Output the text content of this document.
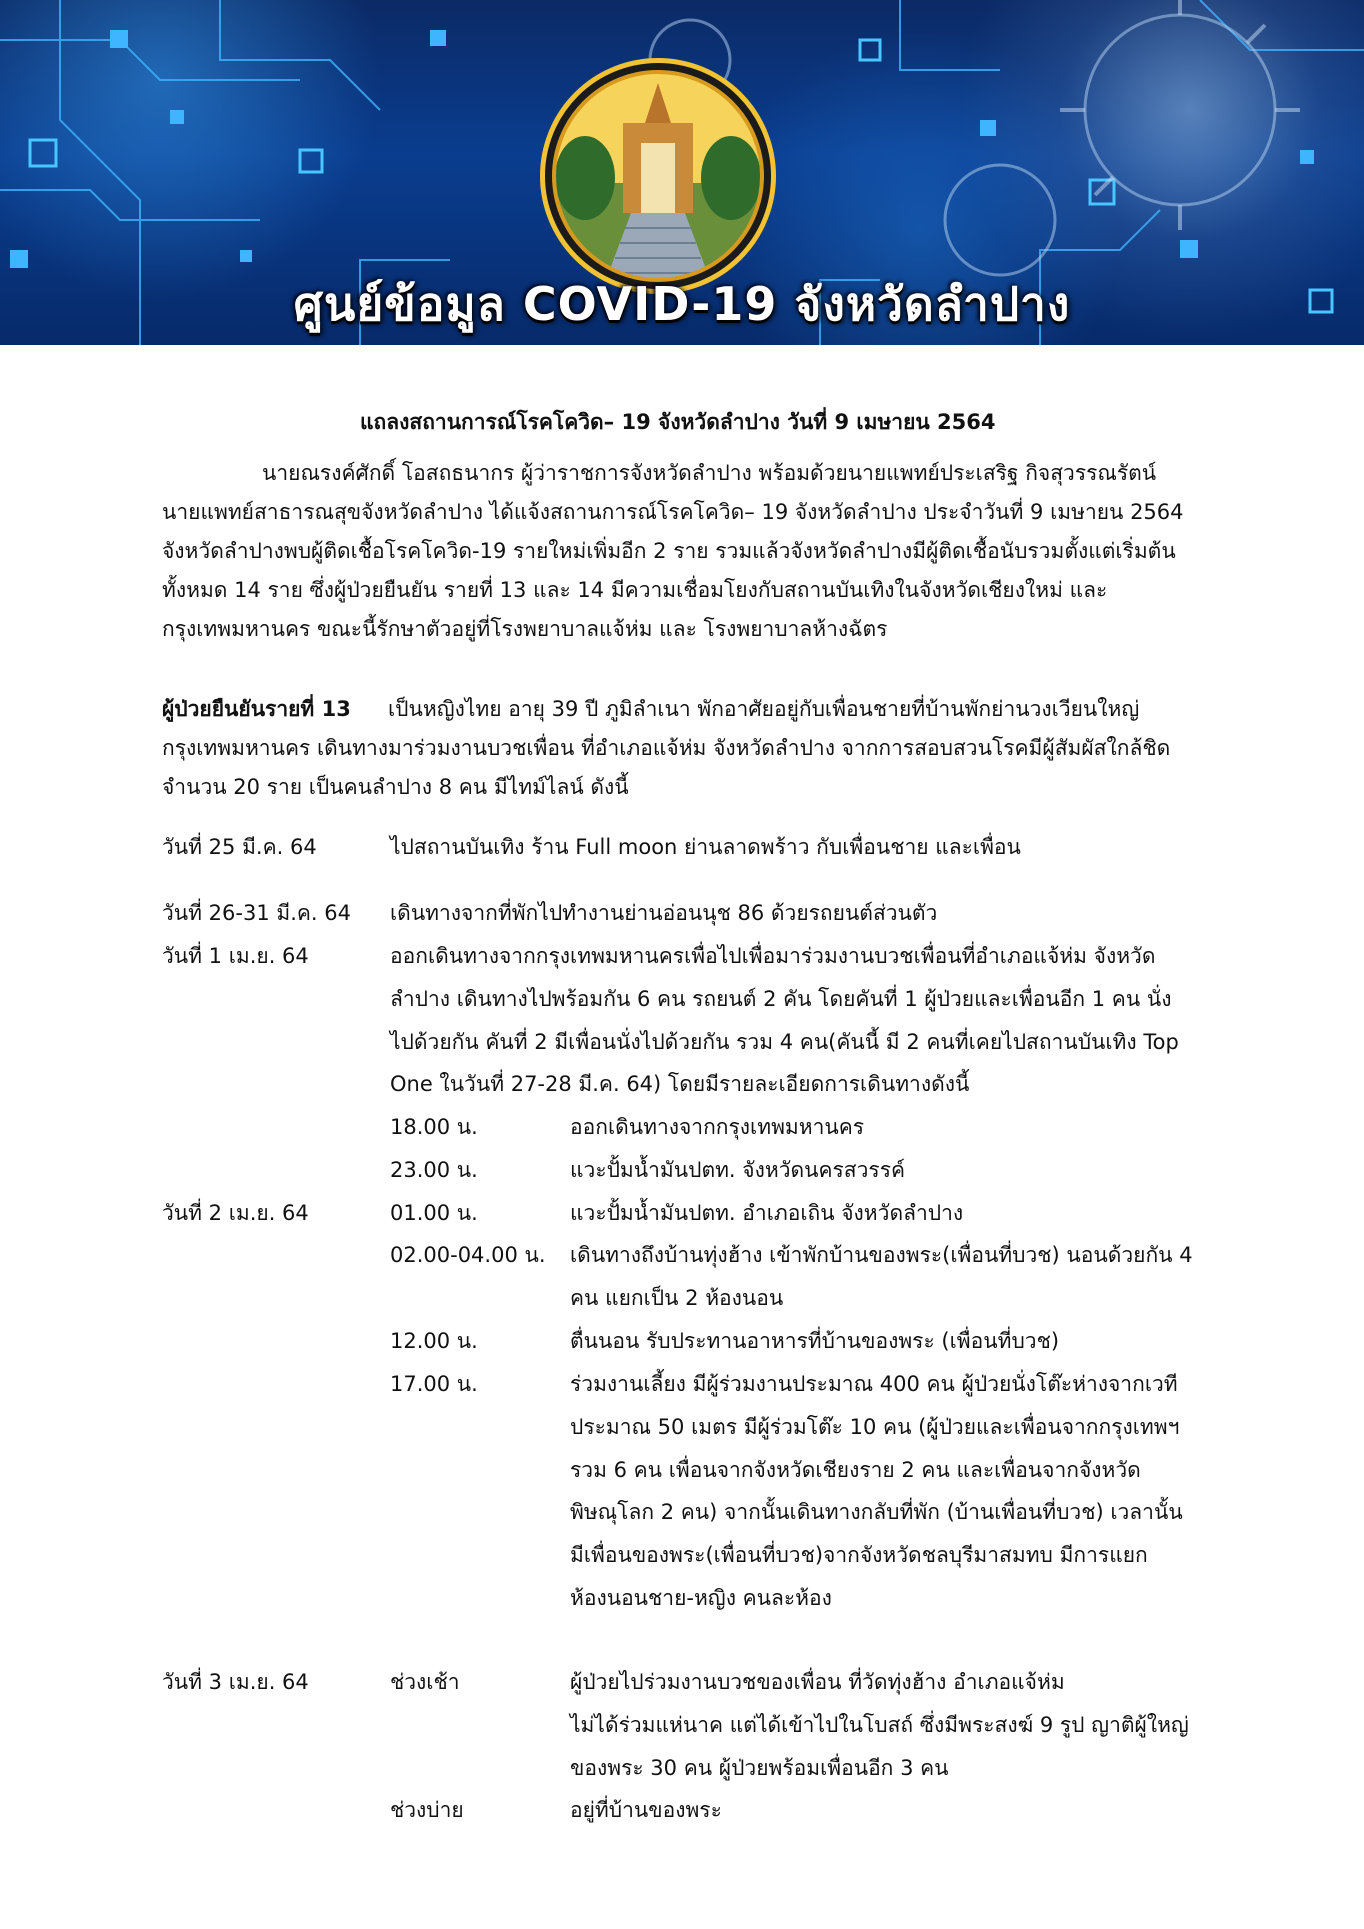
ศูนย์ข้อมูล COVID-19 จังหวัดลำปาง
แถลงสถานการณ์โรคโควิด– 19 จังหวัดลำปาง วันที่ 9 เมษายน 2564
นายณรงค์ศักดิ์ โอสถธนากร ผู้ว่าราชการจังหวัดลำปาง พร้อมด้วยนายแพทย์ประเสริฐ กิจสุวรรณรัตน์
นายแพทย์สาธารณสุขจังหวัดลำปาง ได้แจ้งสถานการณ์โรคโควิด– 19 จังหวัดลำปาง ประจำวันที่ 9 เมษายน 2564
จังหวัดลำปางพบผู้ติดเชื้อโรคโควิด-19 รายใหม่เพิ่มอีก 2 ราย รวมแล้วจังหวัดลำปางมีผู้ติดเชื้อนับรวมตั้งแต่เริ่มต้น
ทั้งหมด 14 ราย ซึ่งผู้ป่วยยืนยัน รายที่ 13 และ 14 มีความเชื่อมโยงกับสถานบันเทิงในจังหวัดเชียงใหม่ และ
กรุงเทพมหานคร ขณะนี้รักษาตัวอยู่ที่โรงพยาบาลแจ้ห่ม และ โรงพยาบาลห้างฉัตร
ผู้ป่วยยืนยันรายที่ 13 เป็นหญิงไทย อายุ 39 ปี ภูมิลำเนา พักอาศัยอยู่กับเพื่อนชายที่บ้านพักย่านวงเวียนใหญ่
กรุงเทพมหานคร เดินทางมาร่วมงานบวชเพื่อน ที่อำเภอแจ้ห่ม จังหวัดลำปาง จากการสอบสวนโรคมีผู้สัมผัสใกล้ชิด
จำนวน 20 ราย เป็นคนลำปาง 8 คน มีไทม์ไลน์ ดังนี้
วันที่ 25 มี.ค. 64	ไปสถานบันเทิง ร้าน Full moon ย่านลาดพร้าว กับเพื่อนชาย และเพื่อน
วันที่ 26-31 มี.ค. 64 เดินทางจากที่พักไปทำงานย่านอ่อนนุช 86 ด้วยรถยนต์ส่วนตัว
วันที่ 1 เม.ย. 64	ออกเดินทางจากกรุงเทพมหานครเพื่อไปเพื่อมาร่วมงานบวชเพื่อนที่อำเภอแจ้ห่ม จังหวัด
ลำปาง เดินทางไปพร้อมกัน 6 คน รถยนต์ 2 คัน โดยคันที่ 1 ผู้ป่วยและเพื่อนอีก 1 คน นั่ง
ไปด้วยกัน คันที่ 2 มีเพื่อนนั่งไปด้วยกัน รวม 4 คน(คันนี้ มี 2 คนที่เคยไปสถานบันเทิง Top
One ในวันที่ 27-28 มี.ค. 64) โดยมีรายละเอียดการเดินทางดังนี้
18.00 น.	ออกเดินทางจากกรุงเทพมหานคร
23.00 น.	แวะปั้มน้ำมันปตท. จังหวัดนครสวรรค์
วันที่ 2 เม.ย. 64	01.00 น.	แวะปั้มน้ำมันปตท. อำเภอเถิน จังหวัดลำปาง
02.00-04.00 น. เดินทางถึงบ้านทุ่งฮ้าง เข้าพักบ้านของพระ(เพื่อนที่บวช) นอนด้วยกัน 4
คน แยกเป็น 2 ห้องนอน
12.00 น.	ตื่นนอน รับประทานอาหารที่บ้านของพระ (เพื่อนที่บวช)
17.00 น.	ร่วมงานเลี้ยง มีผู้ร่วมงานประมาณ 400 คน ผู้ป่วยนั่งโต๊ะห่างจากเวที
ประมาณ 50 เมตร มีผู้ร่วมโต๊ะ 10 คน (ผู้ป่วยและเพื่อนจากกรุงเทพฯ
รวม 6 คน เพื่อนจากจังหวัดเชียงราย 2 คน และเพื่อนจากจังหวัด
พิษณุโลก 2 คน) จากนั้นเดินทางกลับที่พัก (บ้านเพื่อนที่บวช) เวลานั้น
มีเพื่อนของพระ(เพื่อนที่บวช)จากจังหวัดชลบุรีมาสมทบ มีการแยก
ห้องนอนชาย-หญิง คนละห้อง
วันที่ 3 เม.ย. 64	ช่วงเช้า	ผู้ป่วยไปร่วมงานบวชของเพื่อน ที่วัดทุ่งฮ้าง อำเภอแจ้ห่ม
ไม่ได้ร่วมแห่นาค แต่ได้เข้าไปในโบสถ์ ซึ่งมีพระสงฆ์ 9 รูป ญาติผู้ใหญ่
ของพระ 30 คน ผู้ป่วยพร้อมเพื่อนอีก 3 คน
ช่วงบ่าย	อยู่ที่บ้านของพระ
